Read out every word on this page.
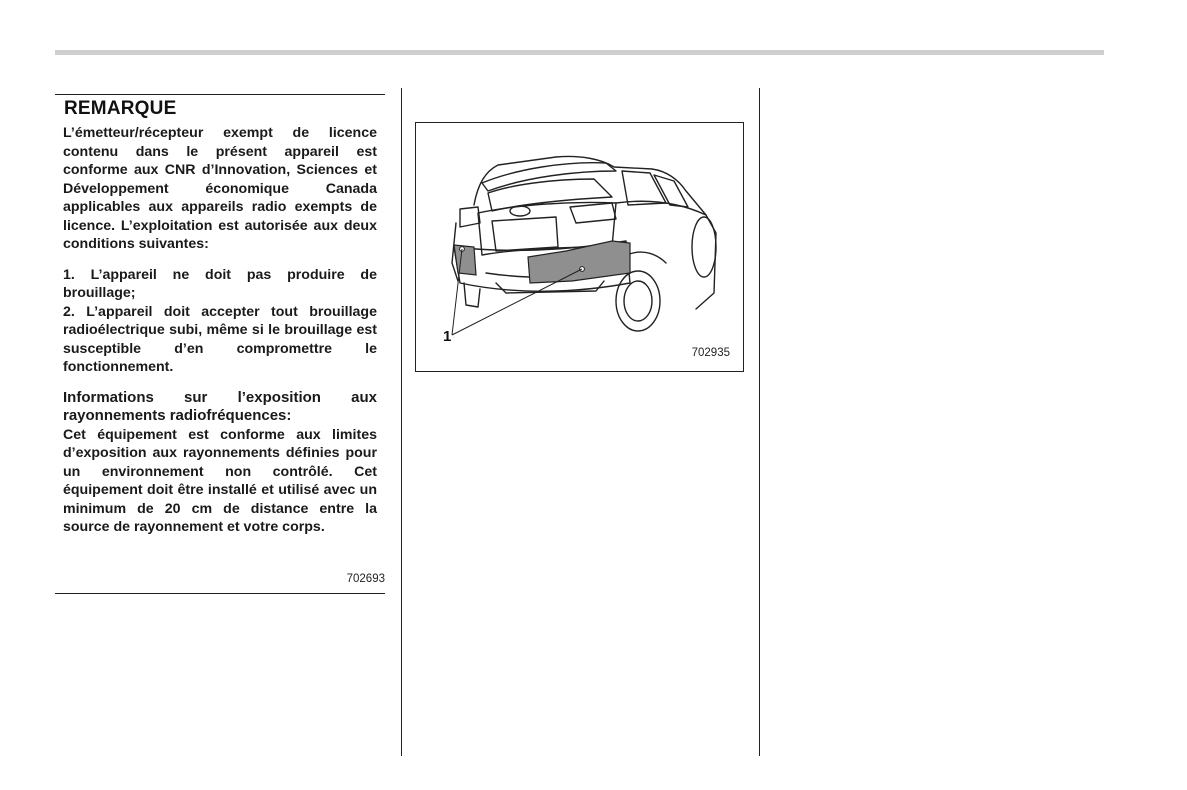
REMARQUE

L’émetteur/récepteur exempt de licence contenu dans le présent appareil est conforme aux CNR d’Innovation, Sciences et Développement économique Canada applicables aux appareils radio exempts de licence. L’exploitation est autorisée aux deux conditions suivantes:

1. L’appareil ne doit pas produire de brouillage;

2. L’appareil doit accepter tout brouillage radioélectrique subi, même si le brouillage est susceptible d’en compromettre le fonctionnement.

Informations sur l’exposition aux rayonnements radiofréquences:

Cet équipement est conforme aux limites d’exposition aux rayonnements définies pour un environnement non contrôlé. Cet équipement doit être installé et utilisé avec un minimum de 20 cm de distance entre la source de rayonnement et votre corps.

702693
1
702935
